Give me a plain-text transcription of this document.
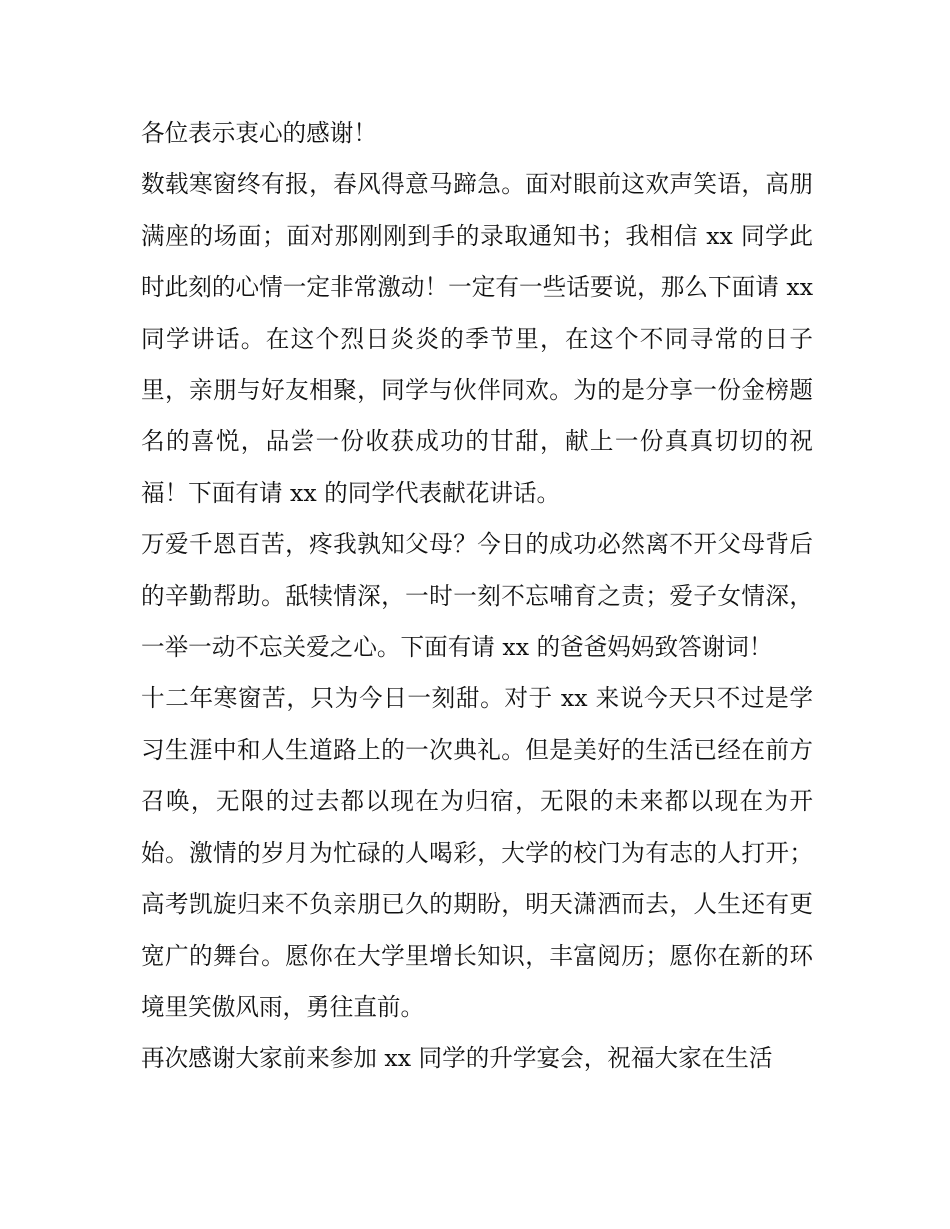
各位表示衷心的感谢！

数载寒窗终有报，春风得意马蹄急。面对眼前这欢声笑语，高朋满座的场面；面对那刚刚到手的录取通知书；我相信 xx 同学此时此刻的心情一定非常激动！一定有一些话要说，那么下面请 xx 同学讲话。在这个烈日炎炎的季节里，在这个不同寻常的日子里，亲朋与好友相聚，同学与伙伴同欢。为的是分享一份金榜题名的喜悦，品尝一份收获成功的甘甜，献上一份真真切切的祝福！下面有请 xx 的同学代表献花讲话。

万爱千恩百苦，疼我孰知父母？今日的成功必然离不开父母背后的辛勤帮助。舐犊情深，一时一刻不忘哺育之责；爱子女情深，一举一动不忘关爱之心。下面有请 xx 的爸爸妈妈致答谢词！

十二年寒窗苦，只为今日一刻甜。对于 xx 来说今天只不过是学习生涯中和人生道路上的一次典礼。但是美好的生活已经在前方召唤，无限的过去都以现在为归宿，无限的未来都以现在为开始。激情的岁月为忙碌的人喝彩，大学的校门为有志的人打开；高考凯旋归来不负亲朋已久的期盼，明天潇洒而去，人生还有更宽广的舞台。愿你在大学里增长知识，丰富阅历；愿你在新的环境里笑傲风雨，勇往直前。

再次感谢大家前来参加 xx 同学的升学宴会，祝福大家在生活
